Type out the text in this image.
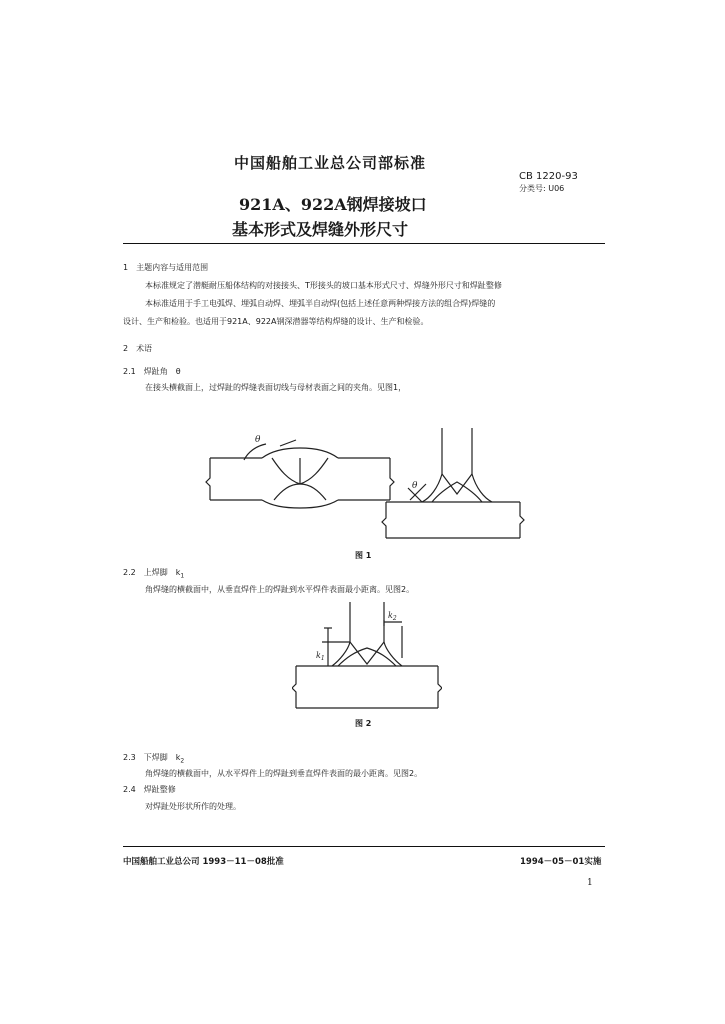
中国船舶工业总公司部标准
CB 1220-93
分类号: U06
921A、922A钢焊接坡口
基本形式及焊缝外形尺寸
1　主题内容与适用范围
本标准规定了潜艇耐压船体结构的对接接头、T形接头的坡口基本形式尺寸、焊缝外形尺寸和焊趾整修
本标准适用于手工电弧焊、埋弧自动焊、埋弧半自动焊(包括上述任意两种焊接方法的组合焊)焊缝的
设计、生产和检验。也适用于921A、922A钢深潜器等结构焊缝的设计、生产和检验。
2　术语
2.1　焊趾角　θ
在接头横截面上，过焊趾的焊缝表面切线与母材表面之间的夹角。见图1，
θ
θ
图 1
2.2　上焊脚　$k_1$
角焊缝的横截面中，从垂直焊件上的焊趾到水平焊件表面最小距离。见图2。
$k_1$
$k_2$
图 2
2.3　下焊脚　$k_2$
角焊缝的横截面中，从水平焊件上的焊趾到垂直焊件表面的最小距离。见图2。
2.4　焊趾整修
对焊趾处形状所作的处理。
中国船舶工业总公司 1993－11－08批准	1994－05－01实施
1
